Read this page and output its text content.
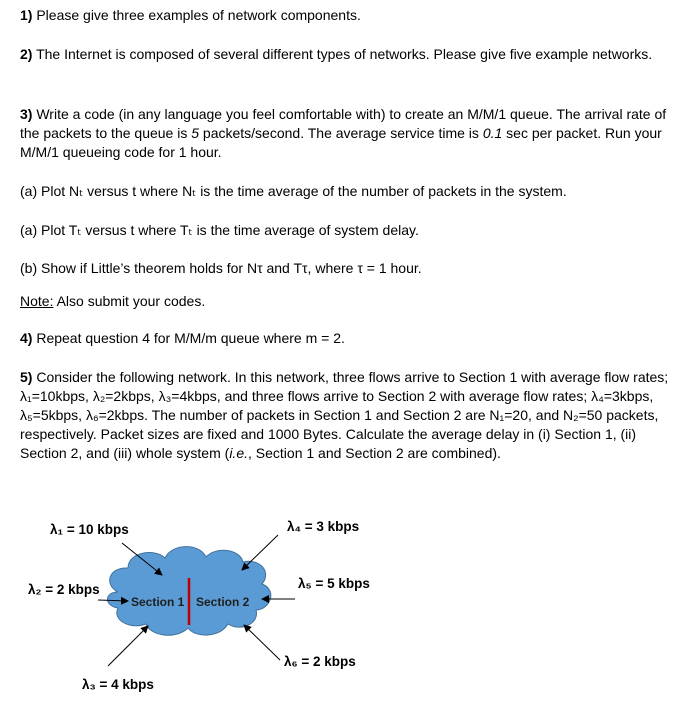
1) Please give three examples of network components.

2) The Internet is composed of several different types of networks. Please give five example networks.

3) Write a code (in any language you feel comfortable with) to create an M/M/1 queue. The arrival rate of the packets to the queue is 5 packets/second. The average service time is 0.1 sec per packet. Run your M/M/1 queueing code for 1 hour.

(a) Plot Nₜ versus t where Nₜ is the time average of the number of packets in the system.

(a) Plot Tₜ versus t where Tₜ is the time average of system delay.

(b) Show if Little’s theorem holds for Nτ and Tτ, where τ = 1 hour.

Note: Also submit your codes.

4) Repeat question 4 for M/M/m queue where m = 2.

5) Consider the following network. In this network, three flows arrive to Section 1 with average flow rates; λ₁=10kbps, λ₂=2kbps, λ₃=4kbps, and three flows arrive to Section 2 with average flow rates; λ₄=3kbps, λ₅=5kbps, λ₆=2kbps. The number of packets in Section 1 and Section 2 are N₁=20, and N₂=50 packets, respectively. Packet sizes are fixed and 1000 Bytes. Calculate the average delay in (i) Section 1, (ii) Section 2, and (iii) whole system (i.e., Section 1 and Section 2 are combined).

λ₁ = 10 kbps
λ₂ = 2 kbps
λ₃ = 4 kbps
λ₄ = 3 kbps
λ₅ = 5 kbps
λ₆ = 2 kbps
Section 1 Section 2
